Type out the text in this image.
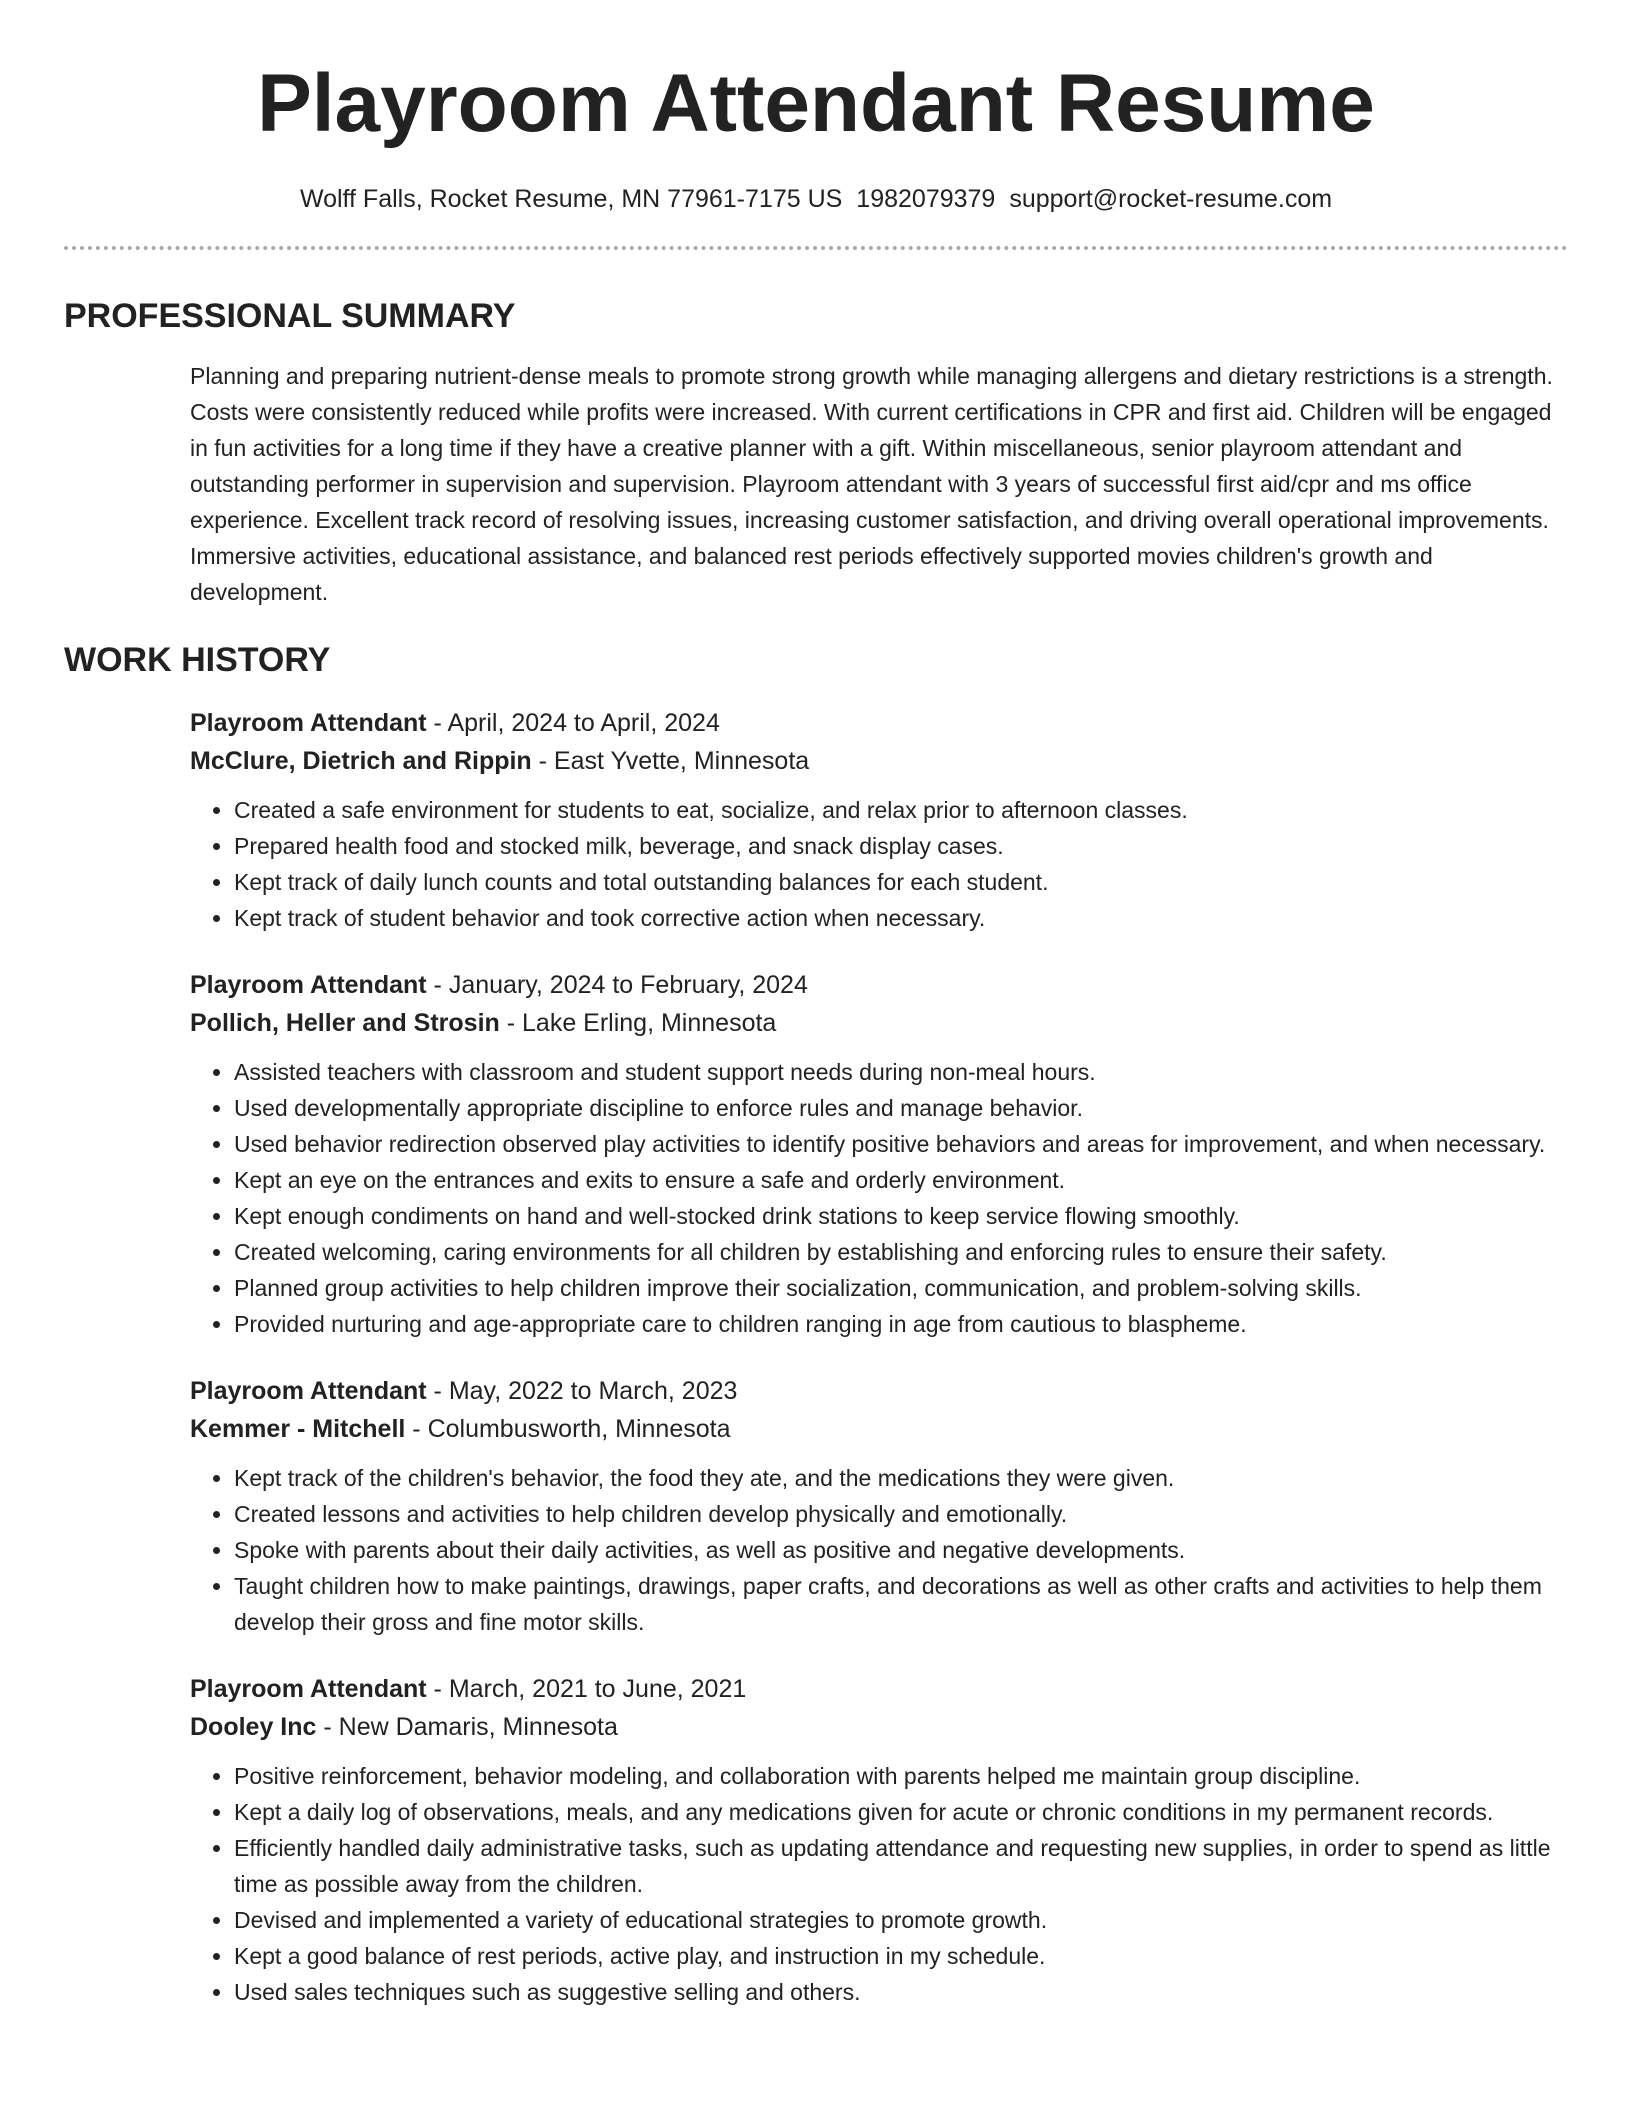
Playroom Attendant Resume
Wolff Falls, Rocket Resume, MN 77961-7175 US 1982079379 support@rocket-resume.com
PROFESSIONAL SUMMARY

Planning and preparing nutrient-dense meals to promote strong growth while managing allergens and dietary restrictions is a strength. Costs were consistently reduced while profits were increased. With current certifications in CPR and first aid. Children will be engaged in fun activities for a long time if they have a creative planner with a gift. Within miscellaneous, senior playroom attendant and outstanding performer in supervision and supervision. Playroom attendant with 3 years of successful first aid/cpr and ms office experience. Excellent track record of resolving issues, increasing customer satisfaction, and driving overall operational improvements. Immersive activities, educational assistance, and balanced rest periods effectively supported movies children's growth and development.

WORK HISTORY
Playroom Attendant - April, 2024 to April, 2024
McClure, Dietrich and Rippin - East Yvette, Minnesota
• Created a safe environment for students to eat, socialize, and relax prior to afternoon classes.
• Prepared health food and stocked milk, beverage, and snack display cases.
• Kept track of daily lunch counts and total outstanding balances for each student.
• Kept track of student behavior and took corrective action when necessary.
Playroom Attendant - January, 2024 to February, 2024
Pollich, Heller and Strosin - Lake Erling, Minnesota
• Assisted teachers with classroom and student support needs during non-meal hours.
• Used developmentally appropriate discipline to enforce rules and manage behavior.
• Used behavior redirection observed play activities to identify positive behaviors and areas for improvement, and when necessary.
• Kept an eye on the entrances and exits to ensure a safe and orderly environment.
• Kept enough condiments on hand and well-stocked drink stations to keep service flowing smoothly.
• Created welcoming, caring environments for all children by establishing and enforcing rules to ensure their safety.
• Planned group activities to help children improve their socialization, communication, and problem-solving skills.
• Provided nurturing and age-appropriate care to children ranging in age from cautious to blaspheme.
Playroom Attendant - May, 2022 to March, 2023
Kemmer - Mitchell - Columbusworth, Minnesota
• Kept track of the children's behavior, the food they ate, and the medications they were given.
• Created lessons and activities to help children develop physically and emotionally.
• Spoke with parents about their daily activities, as well as positive and negative developments.
• Taught children how to make paintings, drawings, paper crafts, and decorations as well as other crafts and activities to help them develop their gross and fine motor skills.
Playroom Attendant - March, 2021 to June, 2021
Dooley Inc - New Damaris, Minnesota
• Positive reinforcement, behavior modeling, and collaboration with parents helped me maintain group discipline.
• Kept a daily log of observations, meals, and any medications given for acute or chronic conditions in my permanent records.
• Efficiently handled daily administrative tasks, such as updating attendance and requesting new supplies, in order to spend as little time as possible away from the children.
• Devised and implemented a variety of educational strategies to promote growth.
• Kept a good balance of rest periods, active play, and instruction in my schedule.
• Used sales techniques such as suggestive selling and others.
